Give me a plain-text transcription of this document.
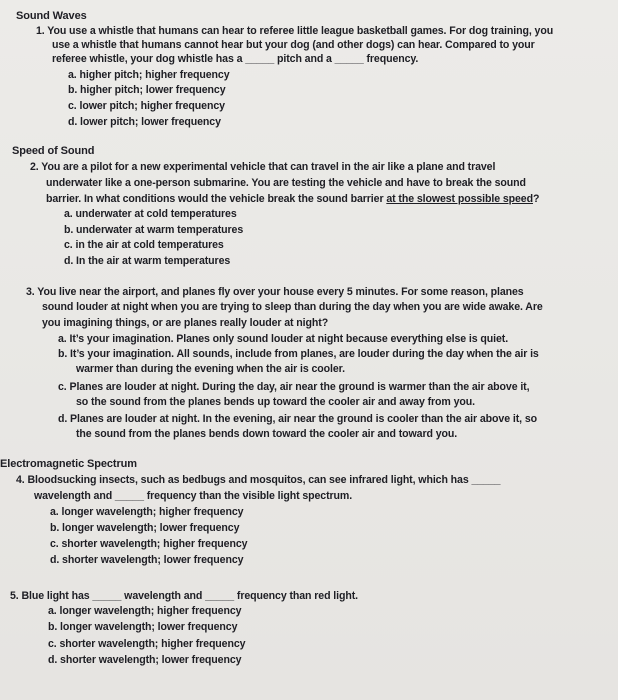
Sound Waves
1. You use a whistle that humans can hear to referee little league basketball games. For dog training, you
use a whistle that humans cannot hear but your dog (and other dogs) can hear. Compared to your
referee whistle, your dog whistle has a _____ pitch and a _____ frequency.
a. higher pitch; higher frequency
b. higher pitch; lower frequency
c. lower pitch; higher frequency
d. lower pitch; lower frequency
Speed of Sound
2. You are a pilot for a new experimental vehicle that can travel in the air like a plane and travel
underwater like a one-person submarine. You are testing the vehicle and have to break the sound
barrier. In what conditions would the vehicle break the sound barrier at the slowest possible speed?
a. underwater at cold temperatures
b. underwater at warm temperatures
c. in the air at cold temperatures
d. In the air at warm temperatures
3. You live near the airport, and planes fly over your house every 5 minutes. For some reason, planes
sound louder at night when you are trying to sleep than during the day when you are wide awake. Are
you imagining things, or are planes really louder at night?
a. It’s your imagination. Planes only sound louder at night because everything else is quiet.
b. It’s your imagination. All sounds, include from planes, are louder during the day when the air is
warmer than during the evening when the air is cooler.
c. Planes are louder at night. During the day, air near the ground is warmer than the air above it,
so the sound from the planes bends up toward the cooler air and away from you.
d. Planes are louder at night. In the evening, air near the ground is cooler than the air above it, so
the sound from the planes bends down toward the cooler air and toward you.
Electromagnetic Spectrum
4. Bloodsucking insects, such as bedbugs and mosquitos, can see infrared light, which has _____
wavelength and _____ frequency than the visible light spectrum.
a. longer wavelength; higher frequency
b. longer wavelength; lower frequency
c. shorter wavelength; higher frequency
d. shorter wavelength; lower frequency
5. Blue light has _____ wavelength and _____ frequency than red light.
a. longer wavelength; higher frequency
b. longer wavelength; lower frequency
c. shorter wavelength; higher frequency
d. shorter wavelength; lower frequency
